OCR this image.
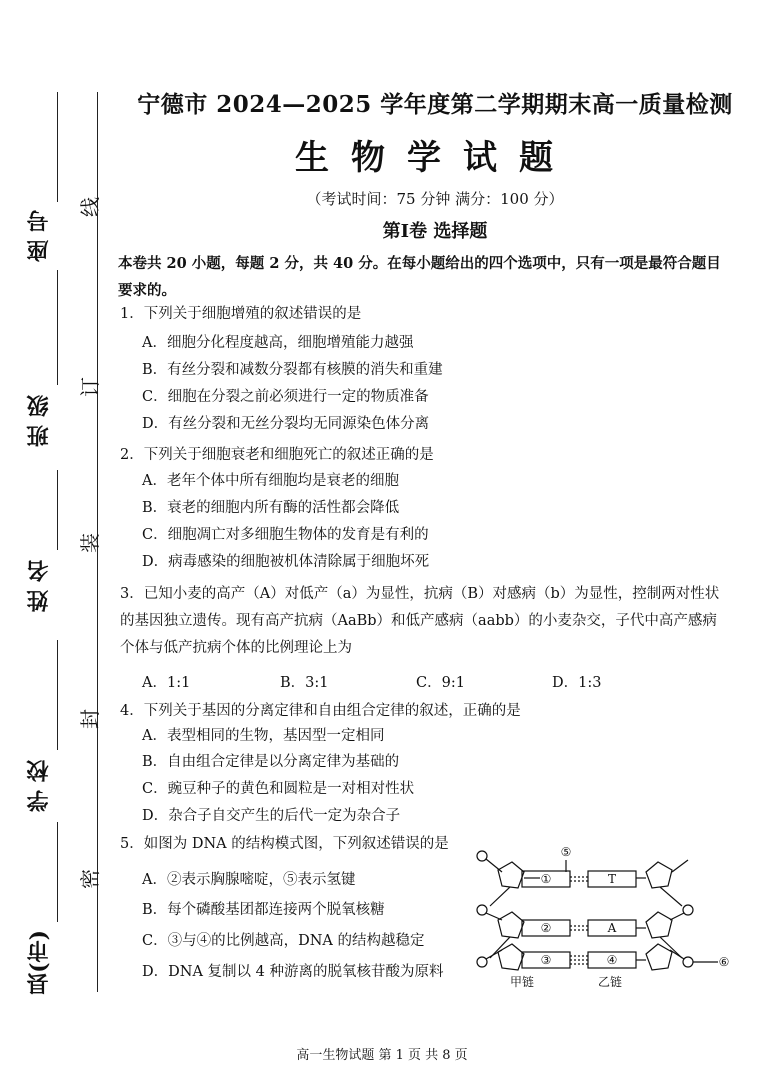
县(市)
学 校
姓 名
班 级
座 号
线
订
装
封
密
宁德市 2024—2025 学年度第二学期期末高一质量检测
生物学试题
（考试时间：75 分钟 满分：100 分）
第Ⅰ卷 选择题
本卷共 20 小题，每题 2 分，共 40 分。在每小题给出的四个选项中，只有一项是最符合题目要求的。
1．下列关于细胞增殖的叙述错误的是
A．细胞分化程度越高，细胞增殖能力越强
B．有丝分裂和减数分裂都有核膜的消失和重建
C．细胞在分裂之前必须进行一定的物质准备
D．有丝分裂和无丝分裂均无同源染色体分离
2．下列关于细胞衰老和细胞死亡的叙述正确的是
A．老年个体中所有细胞均是衰老的细胞
B．衰老的细胞内所有酶的活性都会降低
C．细胞凋亡对多细胞生物体的发育是有利的
D．病毒感染的细胞被机体清除属于细胞坏死
3．已知小麦的高产（A）对低产（a）为显性，抗病（B）对感病（b）为显性，控制两对性状的基因独立遗传。现有高产抗病（AaBb）和低产感病（aabb）的小麦杂交，子代中高产感病个体与低产抗病个体的比例理论上为
A．1:1	B．3:1	C．9:1	D．1:3
4．下列关于基因的分离定律和自由组合定律的叙述，正确的是
A．表型相同的生物，基因型一定相同
B．自由组合定律是以分离定律为基础的
C．豌豆种子的黄色和圆粒是一对相对性状
D．杂合子自交产生的后代一定为杂合子
5．如图为 DNA 的结构模式图，下列叙述错误的是
A．②表示胸腺嘧啶，⑤表示氢键
B．每个磷酸基团都连接两个脱氧核糖
C．③与④的比例越高，DNA 的结构越稳定
D．DNA 复制以 4 种游离的脱氧核苷酸为原料
①
②
③
T
A
④
⑤
⑥
甲链	乙链
高一生物试题 第 1 页 共 8 页
